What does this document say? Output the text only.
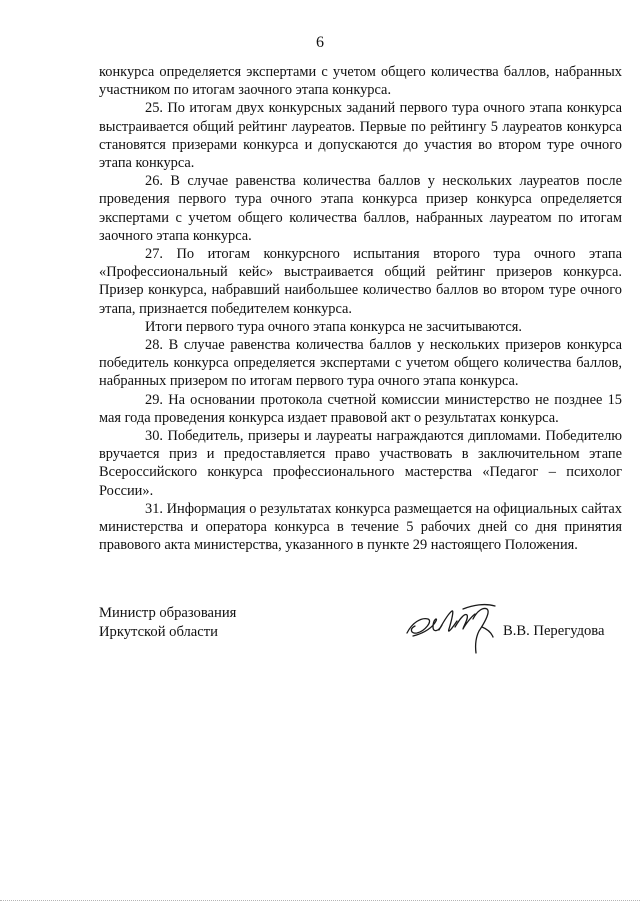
6

конкурса определяется экспертами с учетом общего количества баллов, набранных участником по итогам заочного этапа конкурса.

25. По итогам двух конкурсных заданий первого тура очного этапа конкурса выстраивается общий рейтинг лауреатов. Первые по рейтингу 5 лауреатов конкурса становятся призерами конкурса и допускаются до участия во втором туре очного этапа конкурса.

26. В случае равенства количества баллов у нескольких лауреатов после проведения первого тура очного этапа конкурса призер конкурса определяется экспертами с учетом общего количества баллов, набранных лауреатом по итогам заочного этапа конкурса.

27. По итогам конкурсного испытания второго тура очного этапа «Профессиональный кейс» выстраивается общий рейтинг призеров конкурса. Призер конкурса, набравший наибольшее количество баллов во втором туре очного этапа, признается победителем конкурса.

Итоги первого тура очного этапа конкурса не засчитываются.

28. В случае равенства количества баллов у нескольких призеров конкурса победитель конкурса определяется экспертами с учетом общего количества баллов, набранных призером по итогам первого тура очного этапа конкурса.

29. На основании протокола счетной комиссии министерство не позднее 15 мая года проведения конкурса издает правовой акт о результатах конкурса.

30. Победитель, призеры и лауреаты награждаются дипломами. Победителю вручается приз и предоставляется право участвовать в заключительном этапе Всероссийского конкурса профессионального мастерства «Педагог – психолог России».

31. Информация о результатах конкурса размещается на официальных сайтах министерства и оператора конкурса в течение 5 рабочих дней со дня принятия правового акта министерства, указанного в пункте 29 настоящего Положения.

Министр образования
Иркутской области	В.В. Перегудова
